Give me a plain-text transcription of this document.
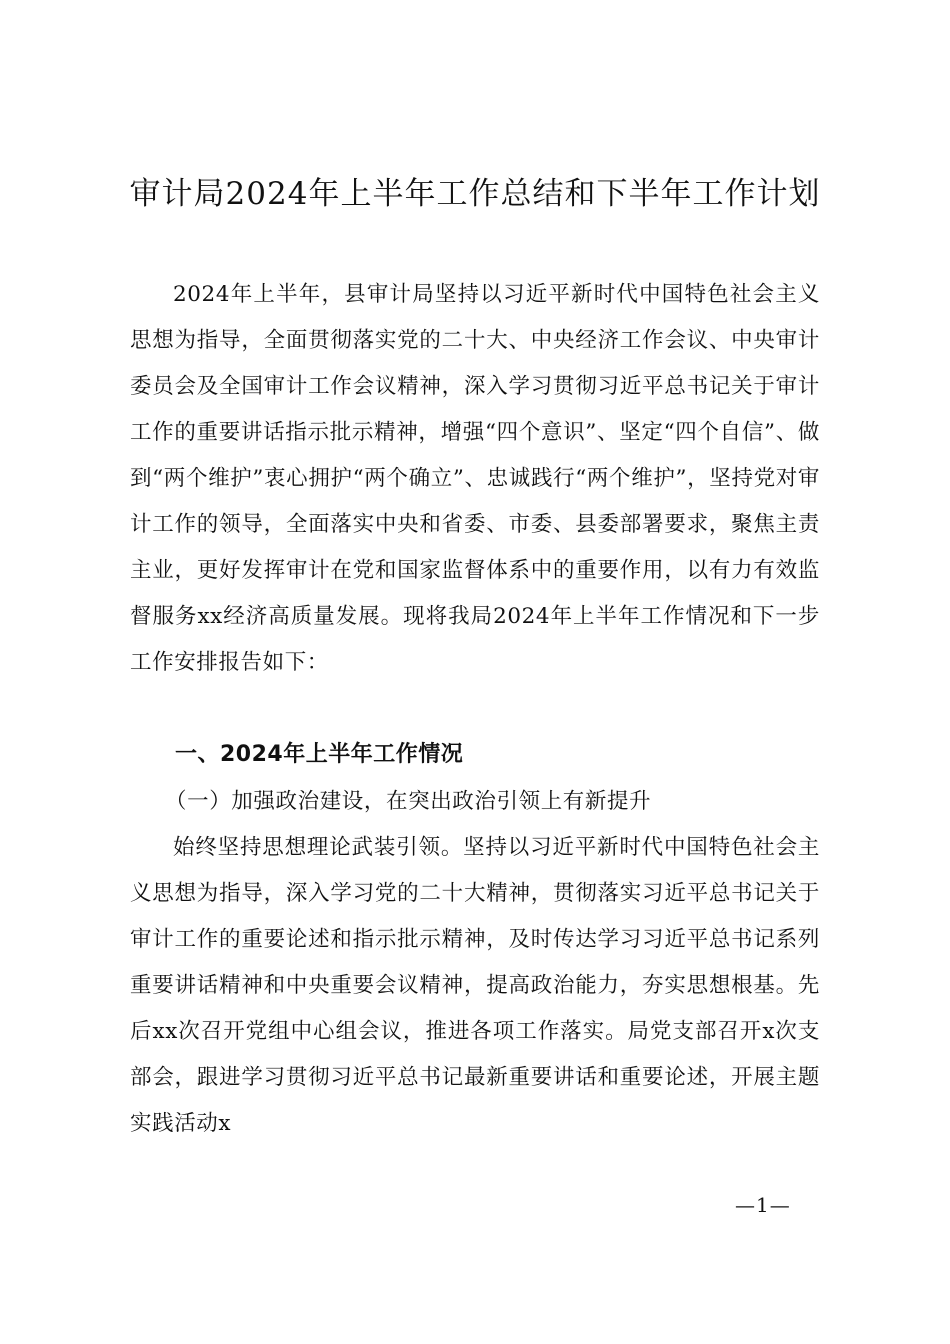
审计局2024年上半年工作总结和下半年工作计划

2024年上半年，县审计局坚持以习近平新时代中国特色社会主义思想为指导，全面贯彻落实党的二十大、中央经济工作会议、中央审计委员会及全国审计工作会议精神，深入学习贯彻习近平总书记关于审计工作的重要讲话指示批示精神，增强“四个意识”、坚定“四个自信”、做到“两个维护”衷心拥护“两个确立”、忠诚践行“两个维护”，坚持党对审计工作的领导，全面落实中央和省委、市委、县委部署要求，聚焦主责主业，更好发挥审计在党和国家监督体系中的重要作用，以有力有效监督服务xx经济高质量发展。现将我局2024年上半年工作情况和下一步工作安排报告如下：

一、2024年上半年工作情况
（一）加强政治建设，在突出政治引领上有新提升

始终坚持思想理论武装引领。坚持以习近平新时代中国特色社会主义思想为指导，深入学习党的二十大精神，贯彻落实习近平总书记关于审计工作的重要论述和指示批示精神，及时传达学习习近平总书记系列重要讲话精神和中央重要会议精神，提高政治能力，夯实思想根基。先后xx次召开党组中心组会议，推进各项工作落实。局党支部召开x次支部会，跟进学习贯彻习近平总书记最新重要讲话和重要论述，开展主题实践活动x

—1—
